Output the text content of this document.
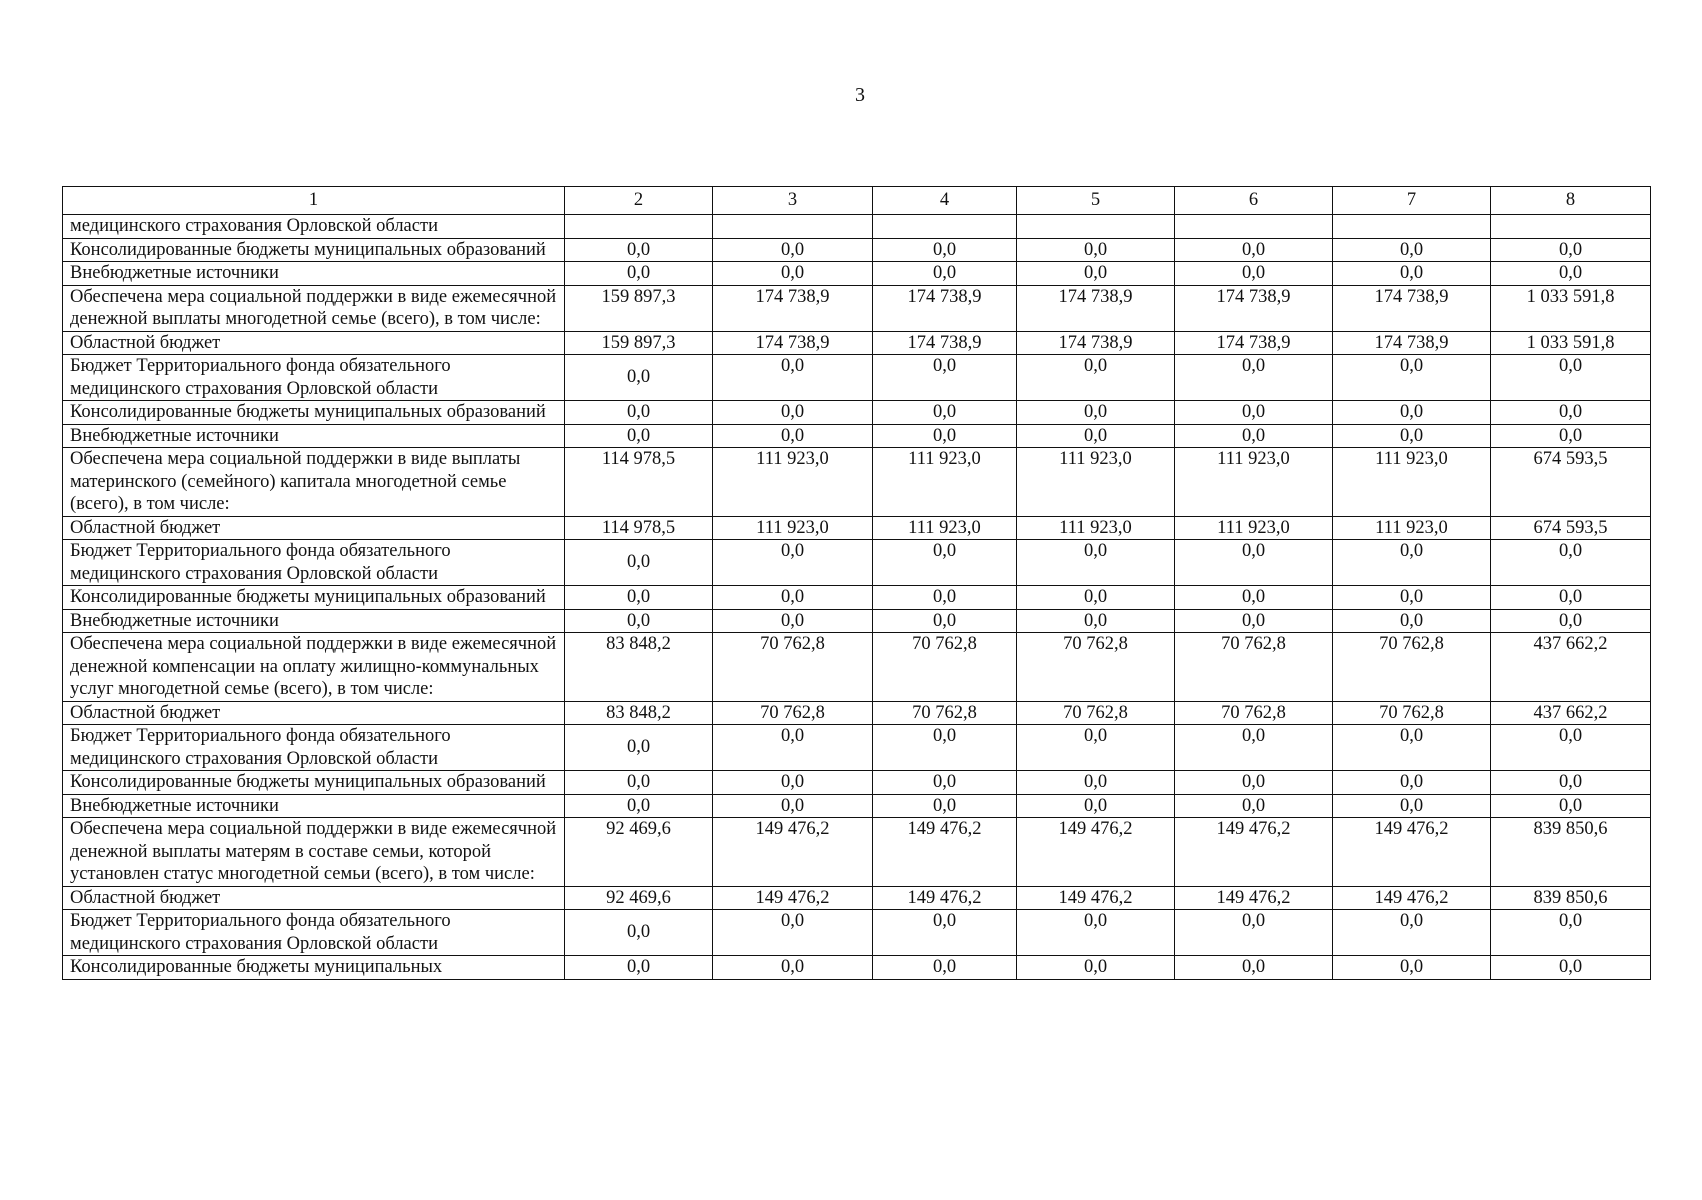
3
1	2	3	4	5	6	7	8
медицинского страхования Орловской области							
Консолидированные бюджеты муниципальных образований	0,0	0,0	0,0	0,0	0,0	0,0	0,0
Внебюджетные источники	0,0	0,0	0,0	0,0	0,0	0,0	0,0
Обеспечена мера социальной поддержки в виде ежемесячной денежной выплаты многодетной семье (всего), в том числе:	159 897,3	174 738,9	174 738,9	174 738,9	174 738,9	174 738,9	1 033 591,8
Областной бюджет	159 897,3	174 738,9	174 738,9	174 738,9	174 738,9	174 738,9	1 033 591,8
Бюджет Территориального фонда обязательного медицинского страхования Орловской области	0,0	0,0	0,0	0,0	0,0	0,0	0,0
Консолидированные бюджеты муниципальных образований	0,0	0,0	0,0	0,0	0,0	0,0	0,0
Внебюджетные источники	0,0	0,0	0,0	0,0	0,0	0,0	0,0
Обеспечена мера социальной поддержки в виде выплаты материнского (семейного) капитала многодетной семье (всего), в том числе:	114 978,5	111 923,0	111 923,0	111 923,0	111 923,0	111 923,0	674 593,5
Областной бюджет	114 978,5	111 923,0	111 923,0	111 923,0	111 923,0	111 923,0	674 593,5
Бюджет Территориального фонда обязательного медицинского страхования Орловской области	0,0	0,0	0,0	0,0	0,0	0,0	0,0
Консолидированные бюджеты муниципальных образований	0,0	0,0	0,0	0,0	0,0	0,0	0,0
Внебюджетные источники	0,0	0,0	0,0	0,0	0,0	0,0	0,0
Обеспечена мера социальной поддержки в виде ежемесячной денежной компенсации на оплату жилищно-коммунальных услуг многодетной семье (всего), в том числе:	83 848,2	70 762,8	70 762,8	70 762,8	70 762,8	70 762,8	437 662,2
Областной бюджет	83 848,2	70 762,8	70 762,8	70 762,8	70 762,8	70 762,8	437 662,2
Бюджет Территориального фонда обязательного медицинского страхования Орловской области	0,0	0,0	0,0	0,0	0,0	0,0	0,0
Консолидированные бюджеты муниципальных образований	0,0	0,0	0,0	0,0	0,0	0,0	0,0
Внебюджетные источники	0,0	0,0	0,0	0,0	0,0	0,0	0,0
Обеспечена мера социальной поддержки в виде ежемесячной денежной выплаты матерям в составе семьи, которой установлен статус многодетной семьи (всего), в том числе:	92 469,6	149 476,2	149 476,2	149 476,2	149 476,2	149 476,2	839 850,6
Областной бюджет	92 469,6	149 476,2	149 476,2	149 476,2	149 476,2	149 476,2	839 850,6
Бюджет Территориального фонда обязательного медицинского страхования Орловской области	0,0	0,0	0,0	0,0	0,0	0,0	0,0
Консолидированные бюджеты муниципальных	0,0	0,0	0,0	0,0	0,0	0,0	0,0
